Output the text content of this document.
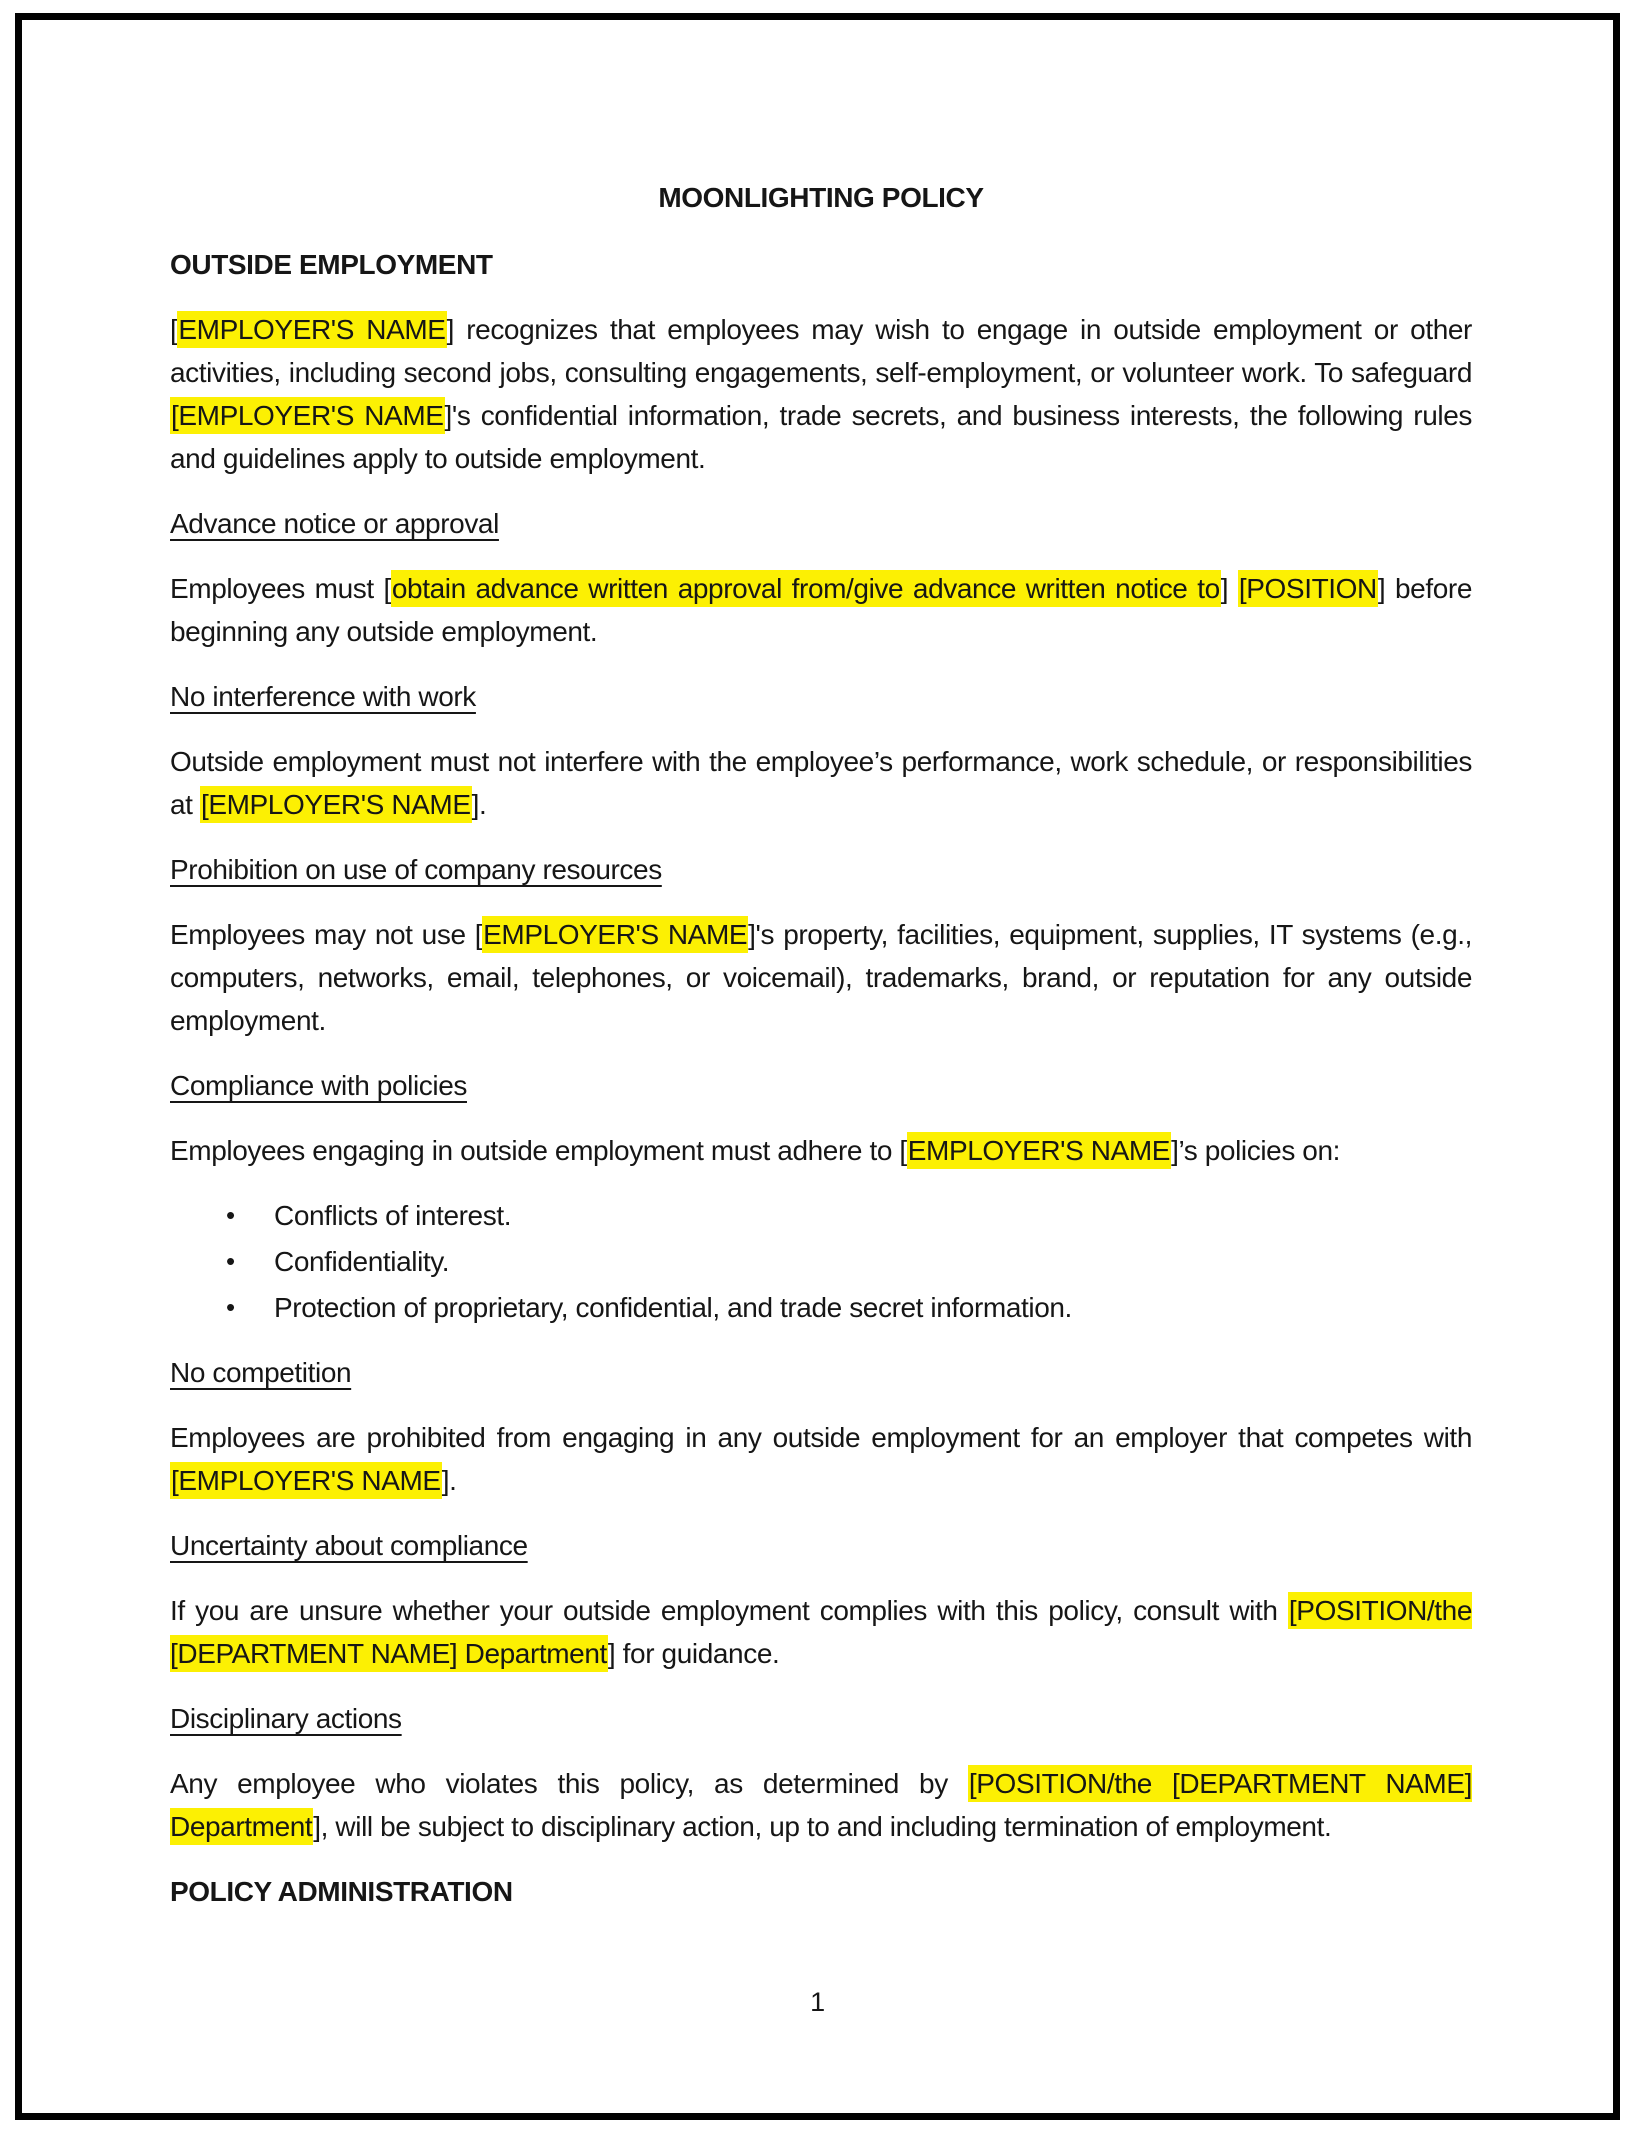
MOONLIGHTING POLICY
OUTSIDE EMPLOYMENT
[EMPLOYER'S NAME] recognizes that employees may wish to engage in outside employment or other activities, including second jobs, consulting engagements, self-employment, or volunteer work. To safeguard [EMPLOYER'S NAME]'s confidential information, trade secrets, and business interests, the following rules and guidelines apply to outside employment.
Advance notice or approval
Employees must [obtain advance written approval from/give advance written notice to] [POSITION] before beginning any outside employment.
No interference with work
Outside employment must not interfere with the employee’s performance, work schedule, or responsibilities at [EMPLOYER'S NAME].
Prohibition on use of company resources
Employees may not use [EMPLOYER'S NAME]'s property, facilities, equipment, supplies, IT systems (e.g., computers, networks, email, telephones, or voicemail), trademarks, brand, or reputation for any outside employment.
Compliance with policies
Employees engaging in outside employment must adhere to [EMPLOYER'S NAME]’s policies on:
• Conflicts of interest.
• Confidentiality.
• Protection of proprietary, confidential, and trade secret information.
No competition
Employees are prohibited from engaging in any outside employment for an employer that competes with [EMPLOYER'S NAME].
Uncertainty about compliance
If you are unsure whether your outside employment complies with this policy, consult with [POSITION/the [DEPARTMENT NAME] Department] for guidance.
Disciplinary actions
Any employee who violates this policy, as determined by [POSITION/the [DEPARTMENT NAME] Department], will be subject to disciplinary action, up to and including termination of employment.
POLICY ADMINISTRATION
1
